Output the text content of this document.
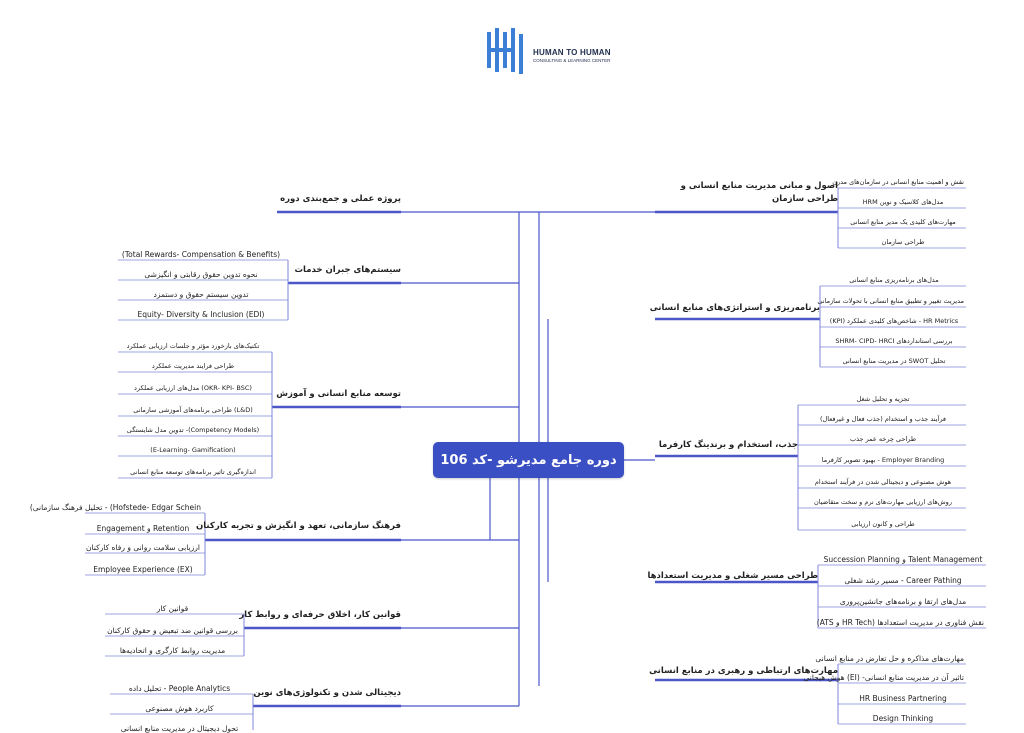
HUMAN TO HUMAN
CONSULTING & LEARNING CENTER
دوره جامع مدیرشو -کد 106
پروژه عملی و جمع‌بندی دوره
سیستم‌های جبران خدمات
(Total Rewards- Compensation & Benefits)
نحوه تدوین حقوق رقابتی و انگیزشی
تدوین سیستم حقوق و دستمزد
Equity- Diversity & Inclusion (EDI)
توسعه منابع انسانی و آموزش
تکنیک‌های بازخورد مؤثر و جلسات ارزیابی عملکرد
طراحی فرایند مدیریت عملکرد
(OKR- KPI- BSC) مدل‌های ارزیابی عملکرد
(L&D) طراحی برنامه‌های آموزشی سازمانی
(Competency Models)- تدوین مدل شایستگی
(E-Learning- Gamification)
اندازه‌گیری تاثیر برنامه‌های توسعه منابع انسانی
فرهنگ سازمانی، تعهد و انگیزش و تجربه کارکنان
Hofstede- Edgar Schein) - تحلیل فرهنگ سازمانی)
Retention و Engagement
ارزیابی سلامت روانی و رفاه کارکنان
Employee Experience (EX)
قوانین کار، اخلاق حرفه‌ای و روابط کار
قوانین کار
بررسی قوانین ضد تبعیض و حقوق کارکنان
مدیریت روابط کارگری و اتحادیه‌ها
دیجیتالی شدن و تکنولوژی‌های نوین
People Analytics - تحلیل داده
کاربرد هوش مصنوعی
تحول دیجیتال در مدیریت منابع انسانی
اصول و مبانی مدیریت منابع انسانی و طراحی سازمان
نقش و اهمیت منابع انسانی در سازمان‌های مدرن
مدل‌های کلاسیک و نوین HRM
مهارت‌های کلیدی یک مدیر منابع انسانی
طراحی سازمان
برنامه‌ریزی و استراتژی‌های منابع انسانی
مدل‌های برنامه‌ریزی منابع انسانی
مدیریت تغییر و تطبیق منابع انسانی با تحولات سازمانی
HR Metrics - شاخص‌های کلیدی عملکرد (KPI)
بررسی استانداردهای SHRM- CIPD- HRCI
تحلیل SWOT در مدیریت منابع انسانی
جذب، استخدام و برندینگ کارفرما
تجزیه و تحلیل شغل
فرآیند جذب و استخدام (جذب فعال و غیرفعال)
طراحی چرخه عمر جذب
Employer Branding - بهبود تصویر کارفرما
هوش مصنوعی و دیجیتالی شدن در فرآیند استخدام
روش‌های ارزیابی مهارت‌های نرم و سخت متقاضیان
طراحی و کانون ارزیابی
طراحی مسیر شغلی و مدیریت استعدادها
Talent Management و Succession Planning
Career Pathing - مسیر رشد شغلی
مدل‌های ارتقا و برنامه‌های جانشین‌پروری
نقش فناوری در مدیریت استعدادها (HR Tech و ATS)
مهارت‌های ارتباطی و رهبری در منابع انسانی
مهارت‌های مذاکره و حل تعارض در منابع انسانی
تاثیر آن در مدیریت منابع انسانی- (EI) هوش هیجانی
HR Business Partnering
Design Thinking
